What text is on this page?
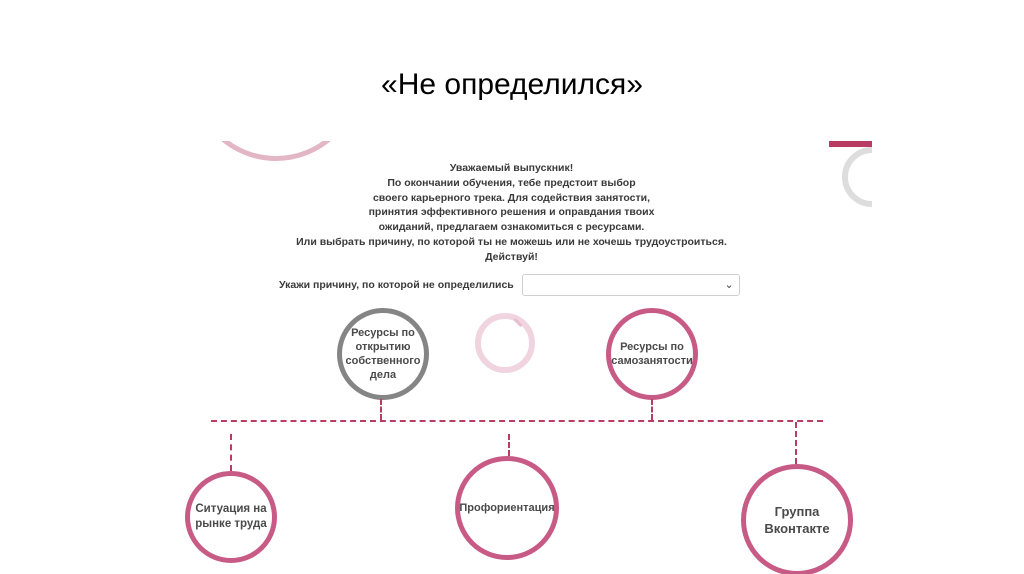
«Не определился»
Уважаемый выпускник!
По окончании обучения, тебе предстоит выбор
своего карьерного трека. Для содействия занятости,
принятия эффективного решения и оправдания твоих
ожиданий, предлагаем ознакомиться с ресурсами.
Или выбрать причину, по которой ты не можешь или не хочешь трудоустроиться.
Действуй!
Укажи причину, по которой не определились	⌄
Ресурсы по открытию собственного дела
Ресурсы по самозанятости
Ситуация на рынке труда
Профориентация	Группа Вконтакте
